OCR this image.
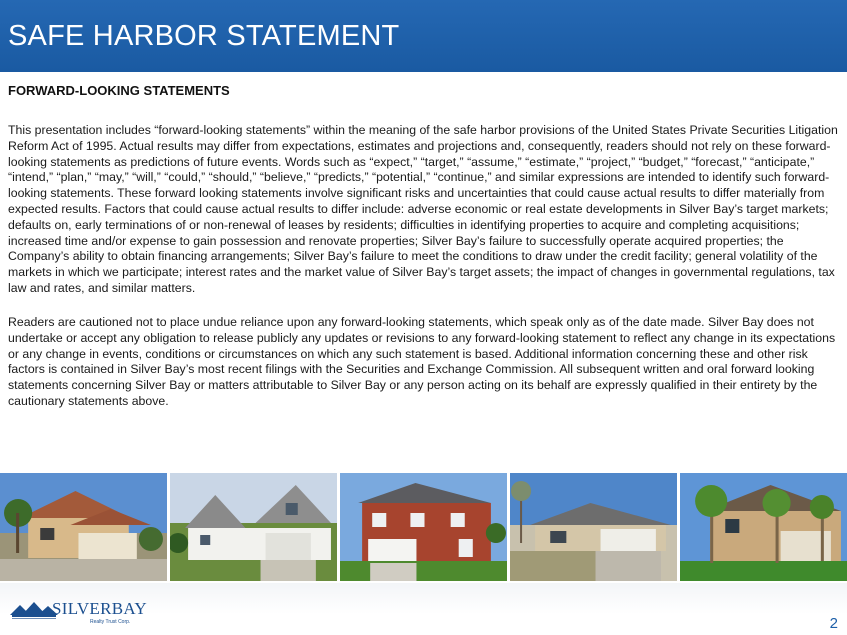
SAFE HARBOR STATEMENT
FORWARD-LOOKING STATEMENTS

This presentation includes “forward-looking statements” within the meaning of the safe harbor provisions of the United States Private Securities Litigation Reform Act of 1995. Actual results may differ from expectations, estimates and projections and, consequently, readers should not rely on these forward-looking statements as predictions of future events. Words such as “expect,” “target,” “assume,” “estimate,” “project,” “budget,” “forecast,” “anticipate,” “intend,” “plan,” “may,” “will,” “could,” “should,” “believe,” “predicts,” “potential,” “continue,” and similar expressions are intended to identify such forward-looking statements. These forward looking statements involve significant risks and uncertainties that could cause actual results to differ materially from expected results. Factors that could cause actual results to differ include: adverse economic or real estate developments in Silver Bay’s target markets; defaults on, early terminations of or non-renewal of leases by residents; difficulties in identifying properties to acquire and completing acquisitions; increased time and/or expense to gain possession and renovate properties; Silver Bay’s failure to successfully operate acquired properties; the Company’s ability to obtain financing arrangements; Silver Bay’s failure to meet the conditions to draw under the credit facility; general volatility of the markets in which we participate; interest rates and the market value of Silver Bay’s target assets; the impact of changes in governmental regulations, tax law and rates, and similar matters.

Readers are cautioned not to place undue reliance upon any forward-looking statements, which speak only as of the date made. Silver Bay does not undertake or accept any obligation to release publicly any updates or revisions to any forward-looking statement to reflect any change in its expectations or any change in events, conditions or circumstances on which any such statement is based. Additional information concerning these and other risk factors is contained in Silver Bay’s most recent filings with the Securities and Exchange Commission. All subsequent written and oral forward looking statements concerning Silver Bay or matters attributable to Silver Bay or any person acting on its behalf are expressly qualified in their entirety by the cautionary statements above.

SILVERBAY
Realty Trust Corp.	2
